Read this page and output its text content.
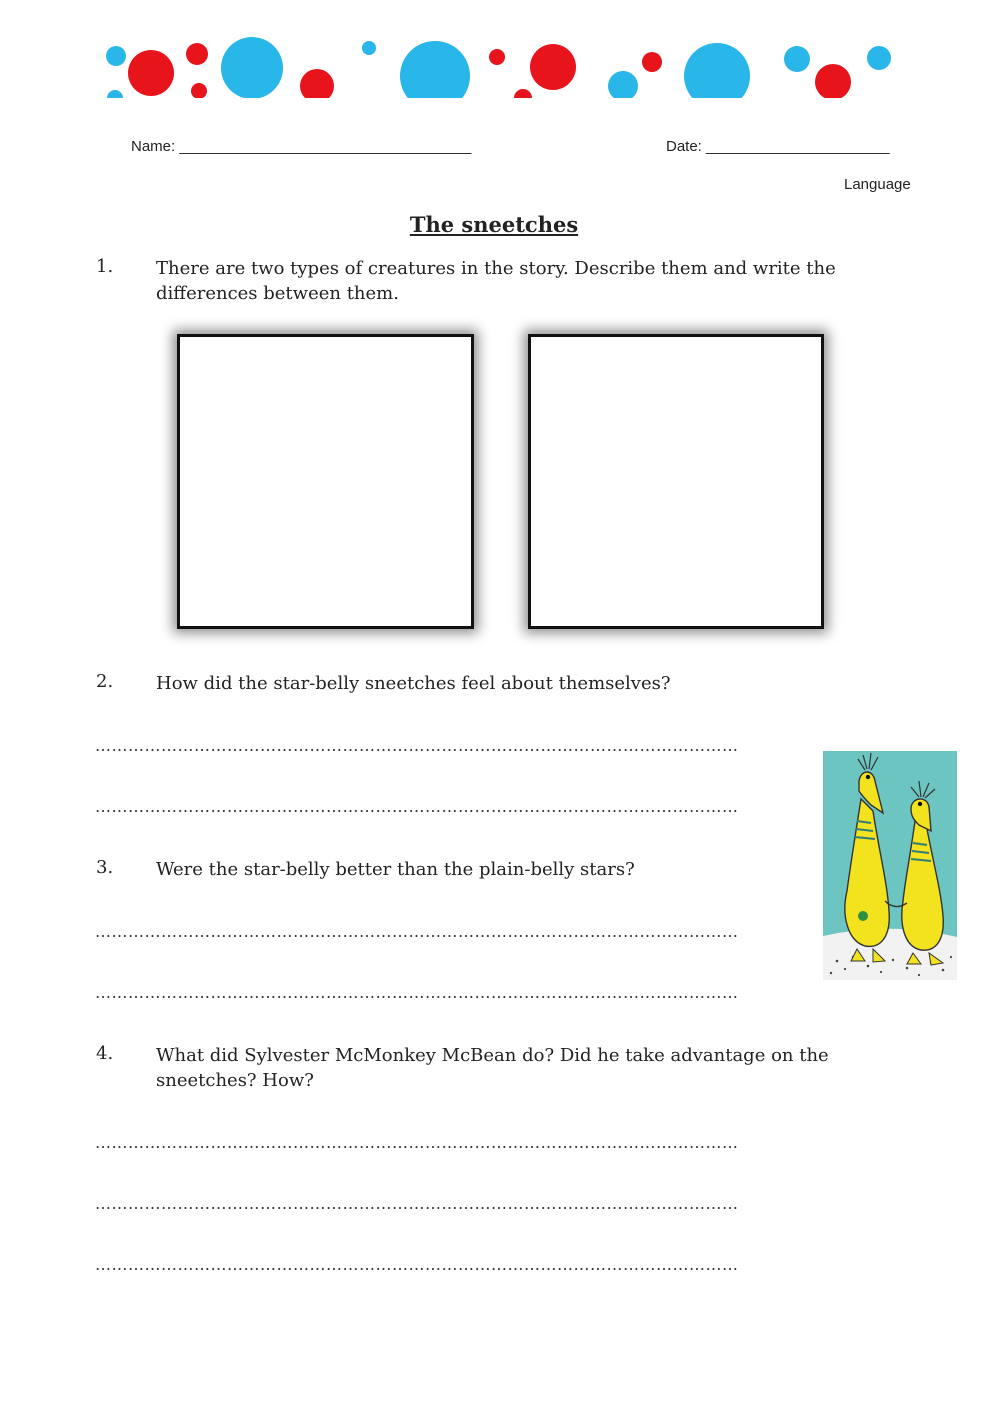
Name: ___________________________________	Date: ______________________
Language
The sneetches
1. There are two types of creatures in the story. Describe them and write the differences between them.
2. How did the star-belly sneetches feel about themselves?
………………………………………………………………………………………………………
………………………………………………………………………………………………………
3. Were the star-belly better than the plain-belly stars?
………………………………………………………………………………………………………
………………………………………………………………………………………………………
4. What did Sylvester McMonkey McBean do? Did he take advantage on the sneetches? How?
………………………………………………………………………………………………………
………………………………………………………………………………………………………
………………………………………………………………………………………………………
